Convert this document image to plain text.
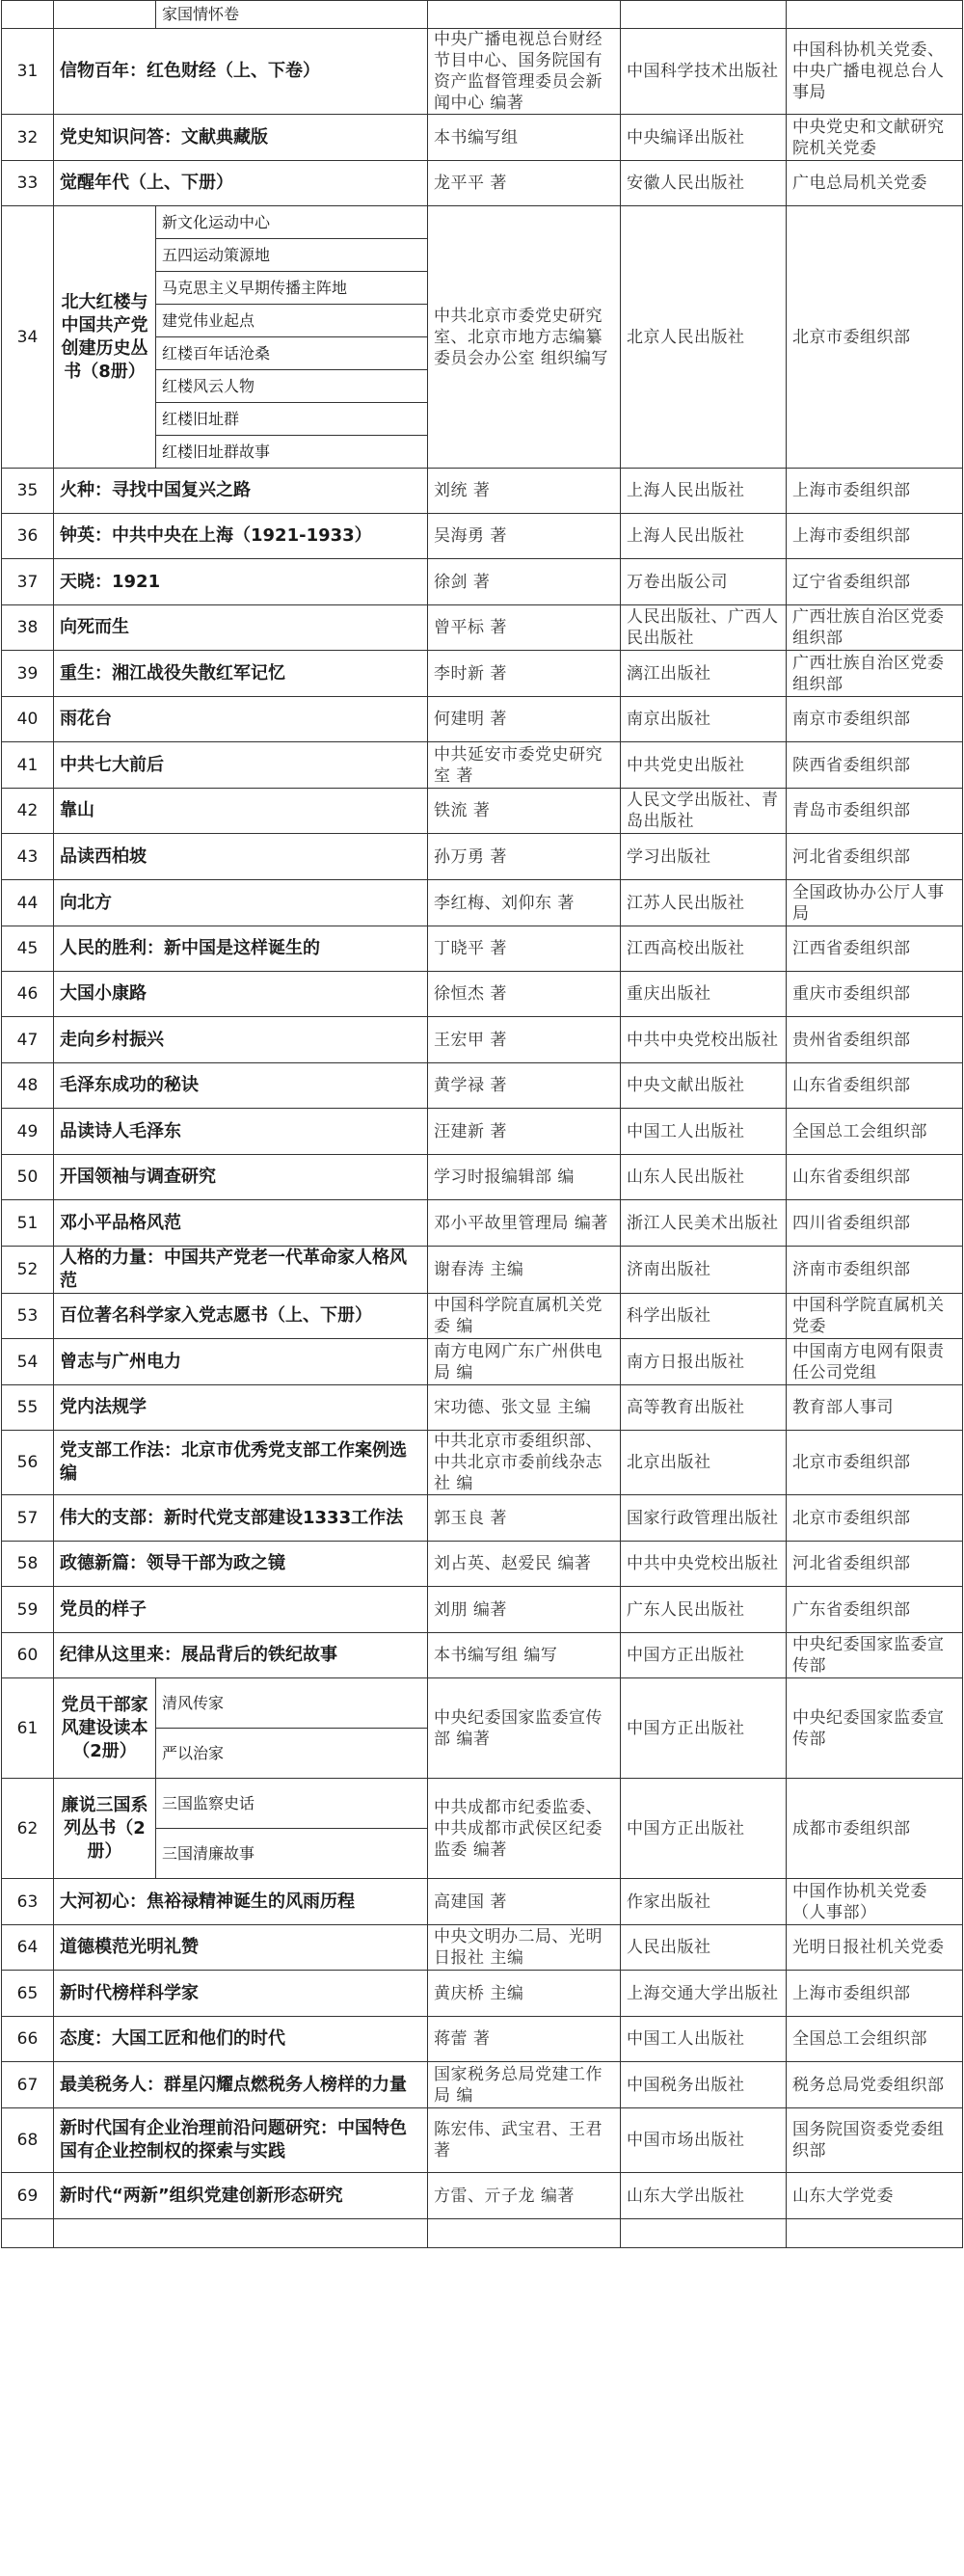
		家国情怀卷			
31	信物百年：红色财经（上、下卷）		中央广播电视总台财经节目中心、国务院国有资产监督管理委员会新闻中心 编著	中国科学技术出版社	中国科协机关党委、中央广播电视总台人事局
32	党史知识问答：文献典藏版		本书编写组	中央编译出版社	中央党史和文献研究院机关党委
33	觉醒年代（上、下册）		龙平平 著	安徽人民出版社	广电总局机关党委
34	北大红楼与中国共产党创建历史丛书（8册）	新文化运动中心	中共北京市委党史研究室、北京市地方志编纂委员会办公室 组织编写	北京人民出版社	北京市委组织部
		五四运动策源地			
		马克思主义早期传播主阵地			
		建党伟业起点			
		红楼百年话沧桑			
		红楼风云人物			
		红楼旧址群			
		红楼旧址群故事			
35	火种：寻找中国复兴之路		刘统 著	上海人民出版社	上海市委组织部
36	钟英：中共中央在上海（1921-1933）		吴海勇 著	上海人民出版社	上海市委组织部
37	天晓：1921		徐剑 著	万卷出版公司	辽宁省委组织部
38	向死而生		曾平标 著	人民出版社、广西人民出版社	广西壮族自治区党委组织部
39	重生：湘江战役失散红军记忆		李时新 著	漓江出版社	广西壮族自治区党委组织部
40	雨花台		何建明 著	南京出版社	南京市委组织部
41	中共七大前后		中共延安市委党史研究室 著	中共党史出版社	陕西省委组织部
42	靠山		铁流 著	人民文学出版社、青岛出版社	青岛市委组织部
43	品读西柏坡		孙万勇 著	学习出版社	河北省委组织部
44	向北方		李红梅、刘仰东 著	江苏人民出版社	全国政协办公厅人事局
45	人民的胜利：新中国是这样诞生的		丁晓平 著	江西高校出版社	江西省委组织部
46	大国小康路		徐恒杰 著	重庆出版社	重庆市委组织部
47	走向乡村振兴		王宏甲 著	中共中央党校出版社	贵州省委组织部
48	毛泽东成功的秘诀		黄学禄 著	中央文献出版社	山东省委组织部
49	品读诗人毛泽东		汪建新 著	中国工人出版社	全国总工会组织部
50	开国领袖与调查研究		学习时报编辑部 编	山东人民出版社	山东省委组织部
51	邓小平品格风范		邓小平故里管理局 编著	浙江人民美术出版社	四川省委组织部
52	人格的力量：中国共产党老一代革命家人格风范		谢春涛 主编	济南出版社	济南市委组织部
53	百位著名科学家入党志愿书（上、下册）		中国科学院直属机关党委 编	科学出版社	中国科学院直属机关党委
54	曾志与广州电力		南方电网广东广州供电局 编	南方日报出版社	中国南方电网有限责任公司党组
55	党内法规学		宋功德、张文显 主编	高等教育出版社	教育部人事司
56	党支部工作法：北京市优秀党支部工作案例选编		中共北京市委组织部、中共北京市委前线杂志社 编	北京出版社	北京市委组织部
57	伟大的支部：新时代党支部建设1333工作法		郭玉良 著	国家行政管理出版社	北京市委组织部
58	政德新篇：领导干部为政之镜		刘占英、赵爱民 编著	中共中央党校出版社	河北省委组织部
59	党员的样子		刘朋 编著	广东人民出版社	广东省委组织部
60	纪律从这里来：展品背后的铁纪故事		本书编写组 编写	中国方正出版社	中央纪委国家监委宣传部
61	党员干部家风建设读本（2册）	清风传家	中央纪委国家监委宣传部 编著	中国方正出版社	中央纪委国家监委宣传部
		严以治家			
62	廉说三国系列丛书（2册）	三国监察史话	中共成都市纪委监委、中共成都市武侯区纪委监委 编著	中国方正出版社	成都市委组织部
		三国清廉故事			
63	大河初心：焦裕禄精神诞生的风雨历程		高建国 著	作家出版社	中国作协机关党委（人事部）
64	道德模范光明礼赞		中央文明办二局、光明日报社 主编	人民出版社	光明日报社机关党委
65	新时代榜样科学家		黄庆桥 主编	上海交通大学出版社	上海市委组织部
66	态度：大国工匠和他们的时代		蒋蕾 著	中国工人出版社	全国总工会组织部
67	最美税务人：群星闪耀点燃税务人榜样的力量		国家税务总局党建工作局 编	中国税务出版社	税务总局党委组织部
68	新时代国有企业治理前沿问题研究：中国特色国有企业控制权的探索与实践		陈宏伟、武宝君、王君 著	中国市场出版社	国务院国资委党委组织部
69	新时代“两新”组织党建创新形态研究		方雷、亓子龙 编著	山东大学出版社	山东大学党委
